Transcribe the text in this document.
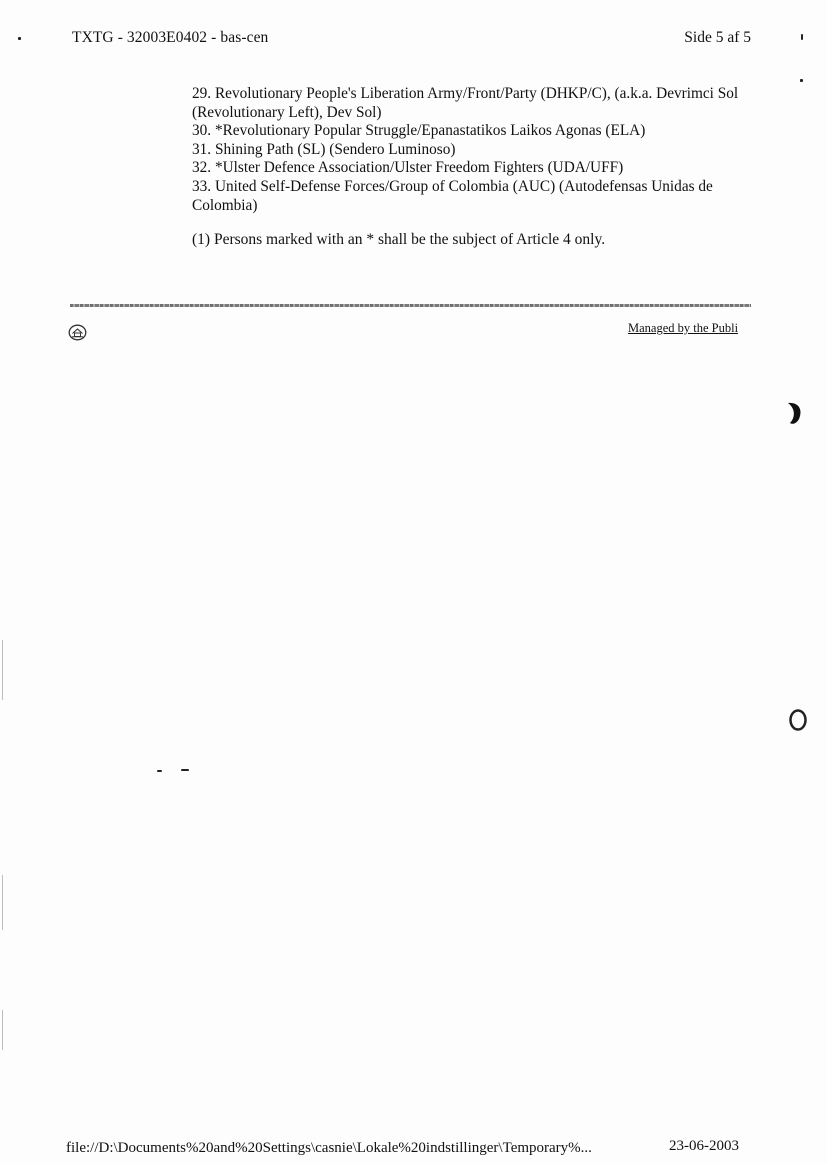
TXTG - 32003E0402 - bas-cen	Side 5 af 5

29. Revolutionary People's Liberation Army/Front/Party (DHKP/C), (a.k.a. Devrimci Sol (Revolutionary Left), Dev Sol)

30. *Revolutionary Popular Struggle/Epanastatikos Laikos Agonas (ELA)

31. Shining Path (SL) (Sendero Luminoso)

32. *Ulster Defence Association/Ulster Freedom Fighters (UDA/UFF)

33. United Self-Defense Forces/Group of Colombia (AUC) (Autodefensas Unidas de Colombia)

(1) Persons marked with an * shall be the subject of Article 4 only.
Managed by the Publi
file://D:\Documents%20and%20Settings\casnie\Lokale%20indstillinger\Temporary%...	23-06-2003
